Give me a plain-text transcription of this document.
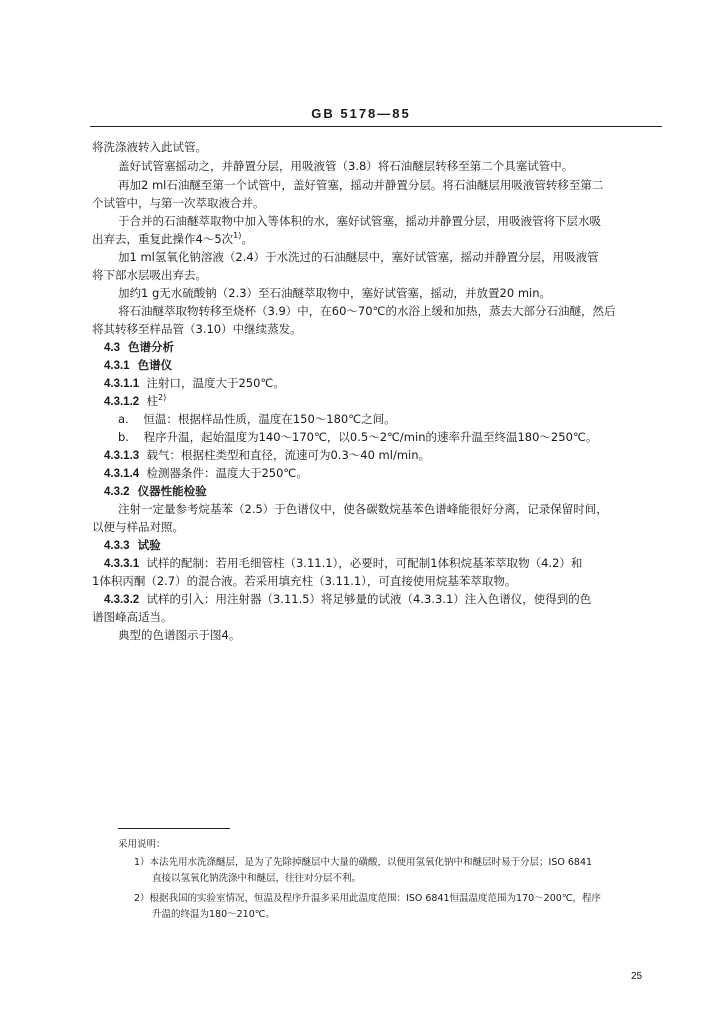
GB 5178—85
将洗涤液转入此试管。
盖好试管塞摇动之，并静置分层，用吸液管（3.8）将石油醚层转移至第二个具塞试管中。
再加2 ml石油醚至第一个试管中，盖好管塞，摇动并静置分层。将石油醚层用吸液管转移至第二
个试管中，与第一次萃取液合并。
于合并的石油醚萃取物中加入等体积的水，塞好试管塞，摇动并静置分层，用吸液管将下层水吸
出弃去，重复此操作4～5次$^{1)}$。
加1 ml氢氧化钠溶液（2.4）于水洗过的石油醚层中，塞好试管塞，摇动并静置分层，用吸液管
将下部水层吸出弃去。
加约1 g无水硫酸钠（2.3）至石油醚萃取物中，塞好试管塞，摇动，并放置20 min。
将石油醚萃取物转移至烧杯（3.9）中，在60～70℃的水浴上缓和加热，蒸去大部分石油醚，然后
将其转移至样品管（3.10）中继续蒸发。
4.3 色谱分析
4.3.1 色谱仪
4.3.1.1 注射口，温度大于250℃。
4.3.1.2 柱$^{2)}$
a. 恒温：根据样品性质，温度在150～180℃之间。
b. 程序升温，起始温度为140～170℃，以0.5～2℃/min的速率升温至终温180～250℃。
4.3.1.3 载气：根据柱类型和直径，流速可为0.3～40 ml/min。
4.3.1.4 检测器条件：温度大于250℃。
4.3.2 仪器性能检验
注射一定量参考烷基苯（2.5）于色谱仪中，使各碳数烷基苯色谱峰能很好分离，记录保留时间，
以便与样品对照。
4.3.3 试验
4.3.3.1 试样的配制：若用毛细管柱（3.11.1），必要时，可配制1体积烷基苯萃取物（4.2）和
1体积丙酮（2.7）的混合液。若采用填充柱（3.11.1），可直接使用烷基苯萃取物。
4.3.3.2 试样的引入：用注射器（3.11.5）将足够量的试液（4.3.3.1）注入色谱仪，使得到的色
谱图峰高适当。
典型的色谱图示于图4。
采用说明：
1）本法先用水洗涤醚层，是为了先除掉醚层中大量的磺酸，以便用氢氧化钠中和醚层时易于分层；ISO 6841
直接以氢氧化钠洗涤中和醚层，往往对分层不利。
2）根据我国的实验室情况，恒温及程序升温多采用此温度范围：ISO 6841恒温温度范围为170～200℃，程序
升温的终温为180～210℃。
25
